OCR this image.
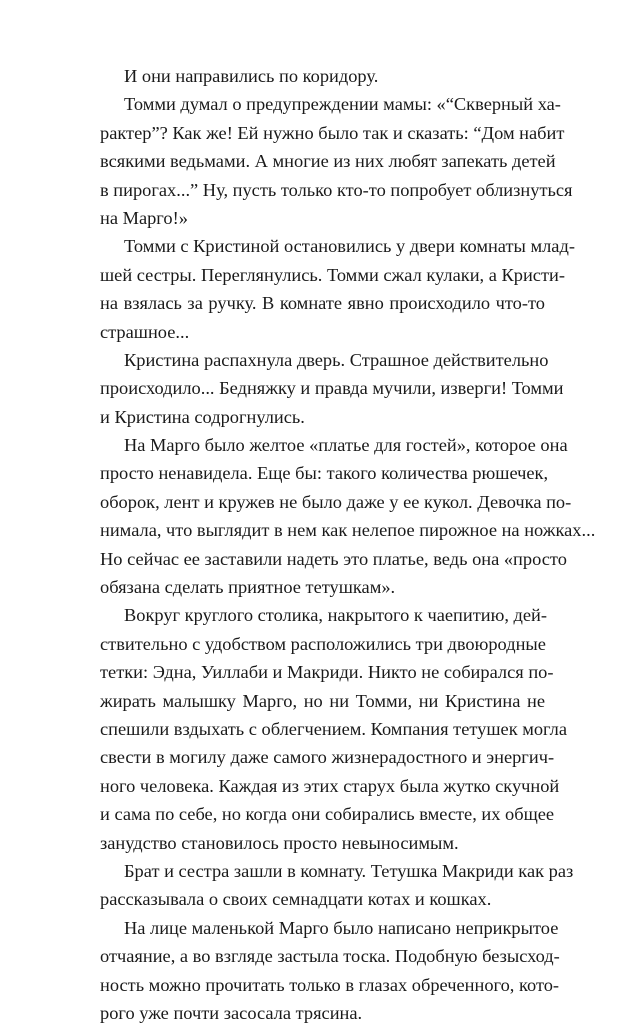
И они направились по коридору.
Томми думал о предупреждении мамы: «“Скверный ха-
рактер”? Как же! Ей нужно было так и сказать: “Дом набит
всякими ведьмами. А многие из них любят запекать детей
в пирогах...” Ну, пусть только кто-то попробует облизнуться
на Марго!»
Томми с Кристиной остановились у двери комнаты млад-
шей сестры. Переглянулись. Томми сжал кулаки, а Кристи-
на взялась за ручку. В комнате явно происходило что-то
страшное...
Кристина распахнула дверь. Страшное действительно
происходило... Бедняжку и правда мучили, изверги! Томми
и Кристина содрогнулись.
На Марго было желтое «платье для гостей», которое она
просто ненавидела. Еще бы: такого количества рюшечек,
оборок, лент и кружев не было даже у ее кукол. Девочка по-
нимала, что выглядит в нем как нелепое пирожное на ножках...
Но сейчас ее заставили надеть это платье, ведь она «просто
обязана сделать приятное тетушкам».
Вокруг круглого столика, накрытого к чаепитию, дей-
ствительно с удобством расположились три двоюродные
тетки: Эдна, Уиллаби и Макриди. Никто не собирался по-
жирать малышку Марго, но ни Томми, ни Кристина не
спешили вздыхать с облегчением. Компания тетушек могла
свести в могилу даже самого жизнерадостного и энергич-
ного человека. Каждая из этих старух была жутко скучной
и сама по себе, но когда они собирались вместе, их общее
занудство становилось просто невыносимым.
Брат и сестра зашли в комнату. Тетушка Макриди как раз
рассказывала о своих семнадцати котах и кошках.
На лице маленькой Марго было написано неприкрытое
отчаяние, а во взгляде застыла тоска. Подобную безысход-
ность можно прочитать только в глазах обреченного, кото-
рого уже почти засосала трясина.
